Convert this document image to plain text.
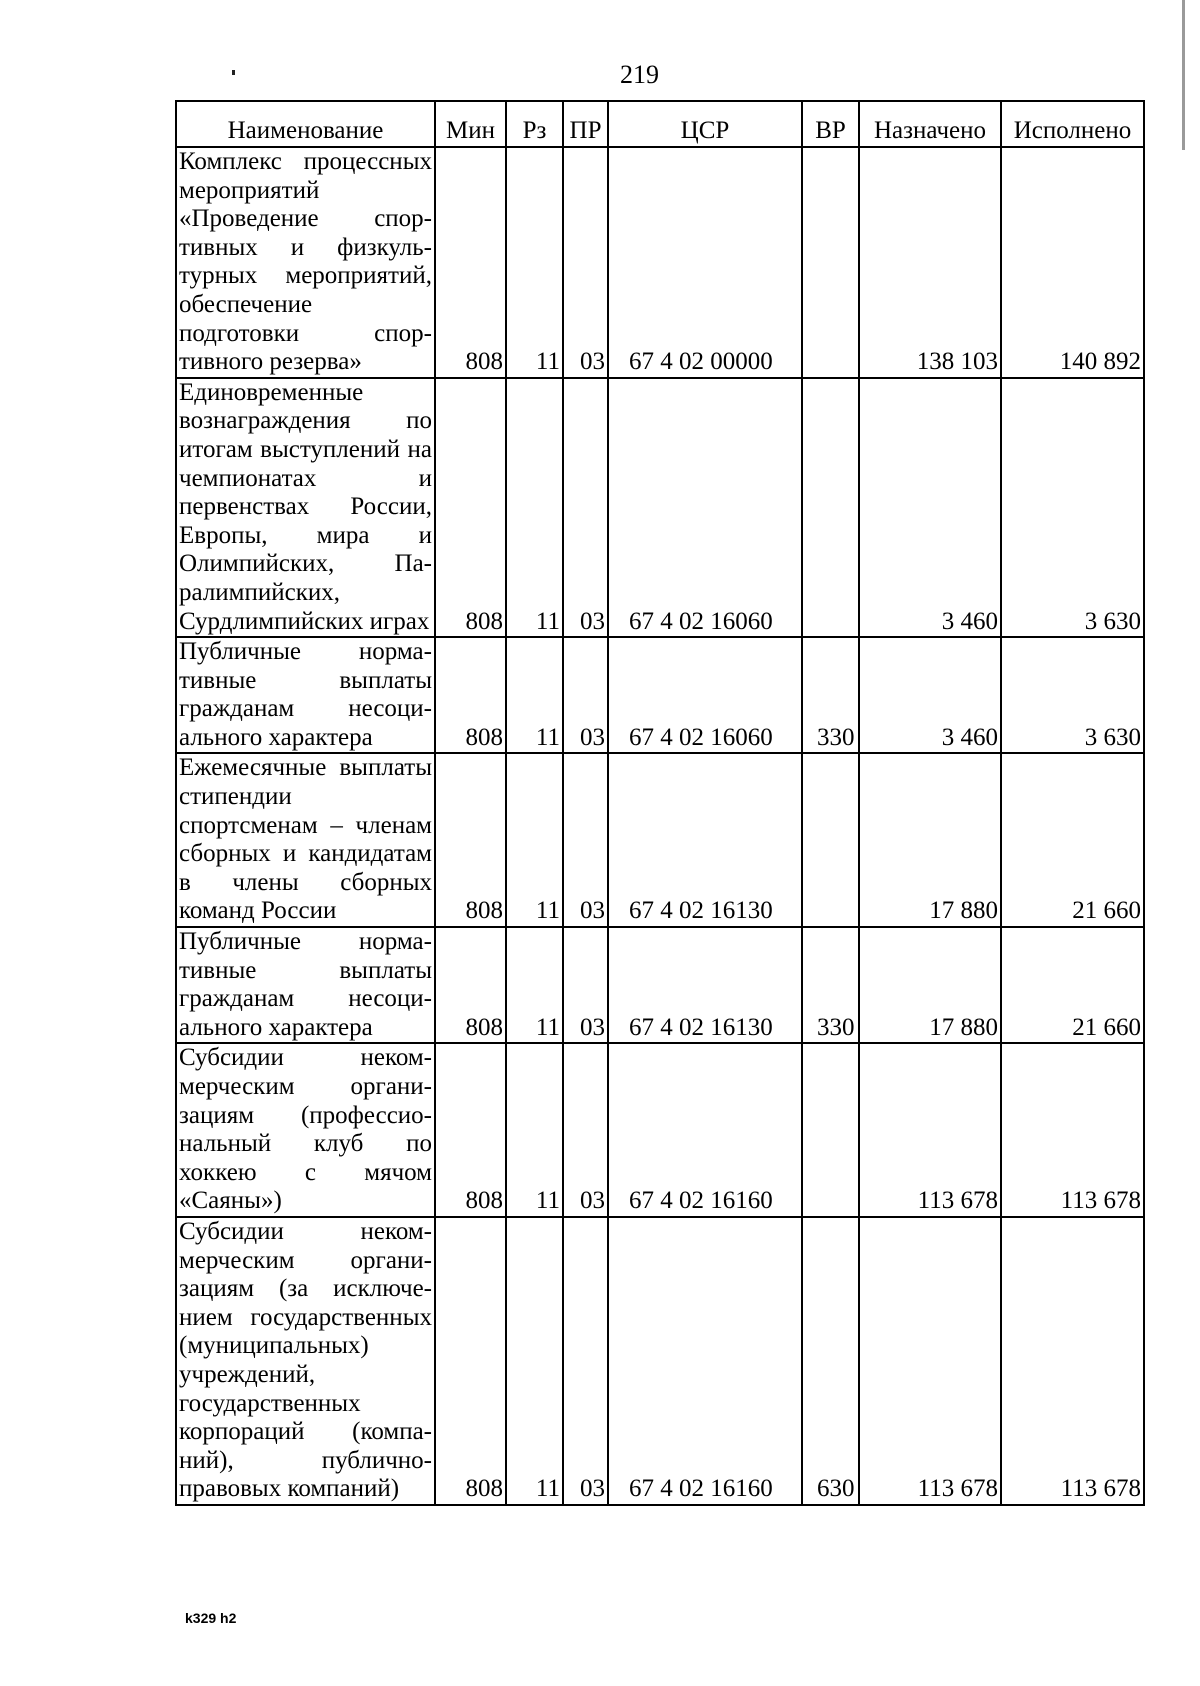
219
Наименование	Мин	Рз	ПР	ЦСР	ВР	Назначено	Исполнено
Комплекс процессных мероприятий «Проведение спортивных и физкультурных мероприятий, обеспечение подготовки спортивного резерва»	808	11	03	67 4 02 00000		138 103	140 892
Единовременные вознаграждения по итогам выступлений на чемпионатах и первенствах России, Европы, мира и Олимпийских, Паралимпийских, Сурдлимпийских играх	808	11	03	67 4 02 16060		3 460	3 630
Публичные нормативные выплаты гражданам несоциального характера	808	11	03	67 4 02 16060	330	3 460	3 630
Ежемесячные выплаты стипендии спортсменам – членам сборных и кандидатам в члены сборных команд России	808	11	03	67 4 02 16130		17 880	21 660
Публичные нормативные выплаты гражданам несоциального характера	808	11	03	67 4 02 16130	330	17 880	21 660
Субсидии некоммерческим организациям (профессиональный клуб по хоккею с мячом «Саяны»)	808	11	03	67 4 02 16160		113 678	113 678
Субсидии некоммерческим организациям (за исключением государственных (муниципальных) учреждений, государственных корпораций (компаний), публично-правовых компаний)	808	11	03	67 4 02 16160	630	113 678	113 678
k329 h2
